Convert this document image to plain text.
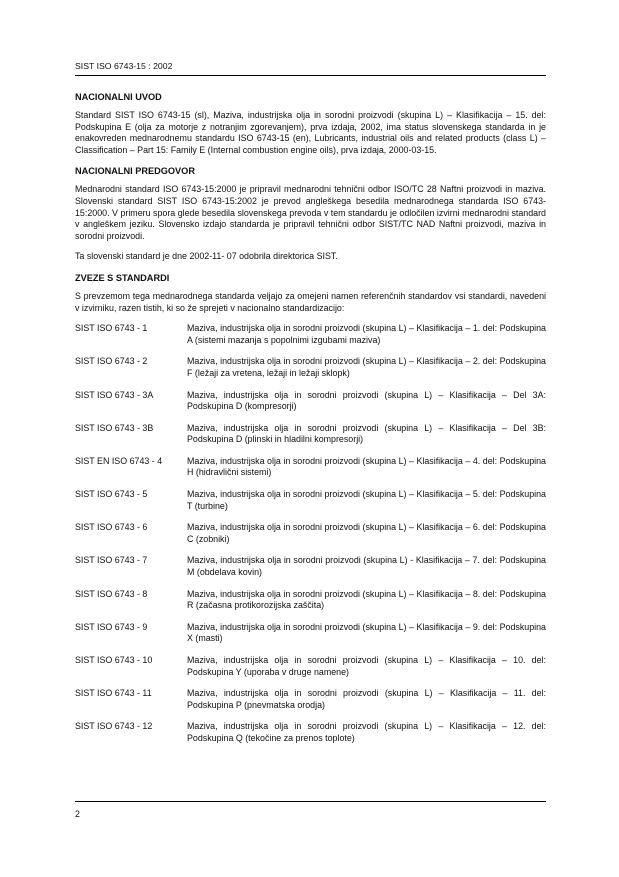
SIST ISO 6743-15 : 2002
NACIONALNI UVOD

Standard SIST ISO 6743-15 (sl), Maziva, industrijska olja in sorodni proizvodi (skupina L) – Klasifikacija – 15. del: Podskupina E (olja za motorje z notranjim zgorevanjem), prva izdaja, 2002, ima status slovenskega standarda in je enakovreden mednarodnemu standardu ISO 6743-15 (en), Lubricants, industrial oils and related products (class L) – Classification – Part 15: Family E (Internal combustion engine oils), prva izdaja, 2000-03-15.

NACIONALNI PREDGOVOR

Mednarodni standard ISO 6743-15:2000 je pripravil mednarodni tehnični odbor ISO/TC 28 Naftni proizvodi in maziva. Slovenski standard SIST ISO 6743-15:2002 je prevod angleškega besedila mednarodnega standarda ISO 6743-15:2000. V primeru spora glede besedila slovenskega prevoda v tem standardu je odločilen izvirni mednarodni standard v angleškem jeziku. Slovensko izdajo standarda je pripravil tehnični odbor SIST/TC NAD Naftni proizvodi, maziva in sorodni proizvodi.

Ta slovenski standard je dne 2002-11- 07 odobrila direktorica SIST.

ZVEZE S STANDARDI

S prevzemom tega mednarodnega standarda veljajo za omejeni namen referenčnih standardov vsi standardi, navedeni v izvirniku, razen tistih, ki so že sprejeti v nacionalno standardizacijo:

SIST ISO 6743 - 1	Maziva, industrijska olja in sorodni proizvodi (skupina L) – Klasifikacija – 1. del: Podskupina A (sistemi mazanja s popolnimi izgubami maziva)
SIST ISO 6743 - 2	Maziva, industrijska olja in sorodni proizvodi (skupina L) – Klasifikacija – 2. del: Podskupina F (ležaji za vretena, ležaji in ležaji sklopk)
SIST ISO 6743 - 3A	Maziva, industrijska olja in sorodni proizvodi (skupina L) – Klasifikacija – Del 3A: Podskupina D (kompresorji)
SIST ISO 6743 - 3B	Maziva, industrijska olja in sorodni proizvodi (skupina L) – Klasifikacija – Del 3B: Podskupina D (plinski in hladilni kompresorji)
SIST EN ISO 6743 - 4	Maziva, industrijska olja in sorodni proizvodi (skupina L) – Klasifikacija – 4. del: Podskupina H (hidravlični sistemi)
SIST ISO 6743 - 5	Maziva, industrijska olja in sorodni proizvodi (skupina L) – Klasifikacija – 5. del: Podskupina T (turbine)
SIST ISO 6743 - 6	Maziva, industrijska olja in sorodni proizvodi (skupina L) – Klasifikacija – 6. del: Podskupina C (zobniki)
SIST ISO 6743 - 7	Maziva, industrijska olja in sorodni proizvodi (skupina L) - Klasifikacija – 7. del: Podskupina M (obdelava kovin)
SIST ISO 6743 - 8	Maziva, industrijska olja in sorodni proizvodi (skupina L) – Klasifikacija – 8. del: Podskupina R (začasna protikorozijska zaščita)
SIST ISO 6743 - 9	Maziva, industrijska olja in sorodni proizvodi (skupina L) – Klasifikacija – 9. del: Podskupina X (masti)
SIST ISO 6743 - 10	Maziva, industrijska olja in sorodni proizvodi (skupina L) – Klasifikacija – 10. del: Podskupina Y (uporaba v druge namene)
SIST ISO 6743 - 11	Maziva, industrijska olja in sorodni proizvodi (skupina L) – Klasifikacija – 11. del: Podskupina P (pnevmatska orodja)
SIST ISO 6743 - 12	Maziva, industrijska olja in sorodni proizvodi (skupina L) – Klasifikacija – 12. del: Podskupina Q (tekočine za prenos toplote)
2
